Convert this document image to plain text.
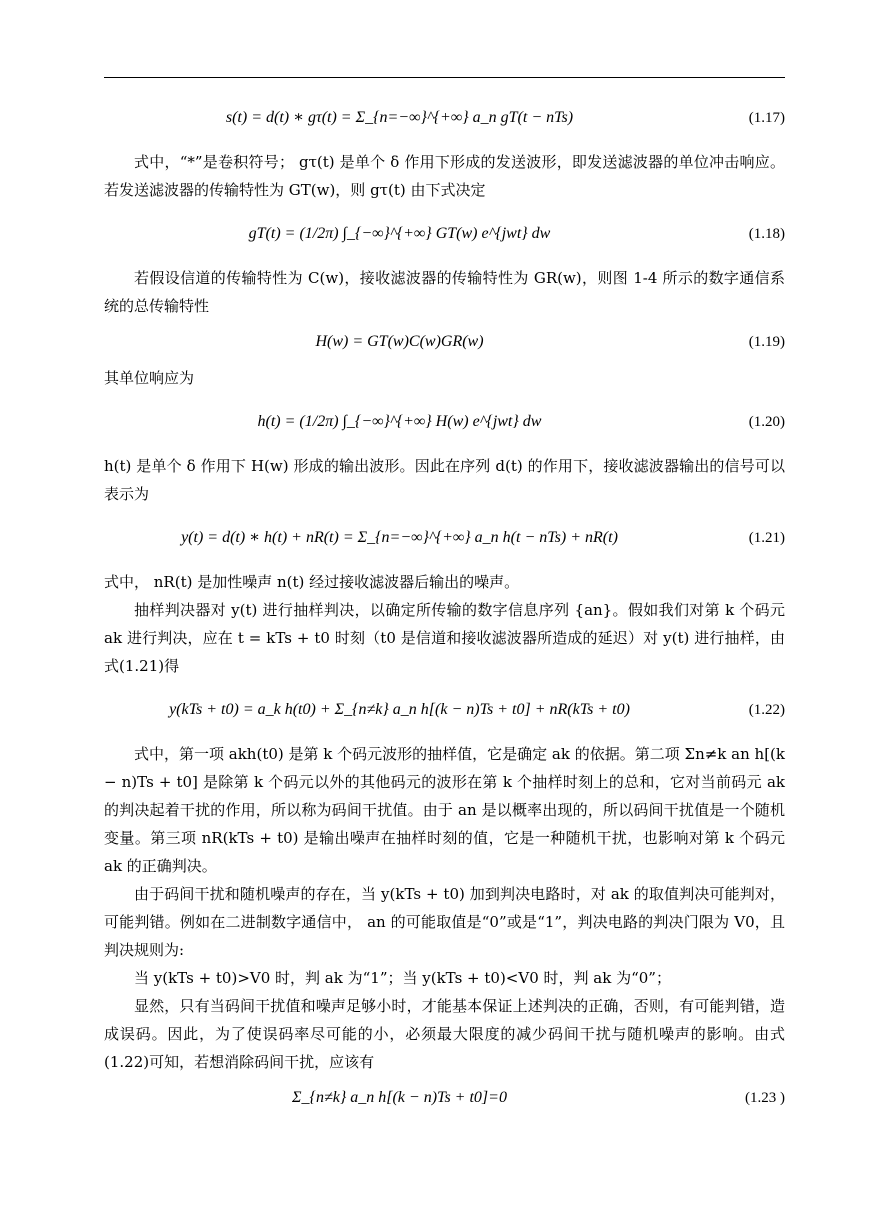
s(t) = d(t) ∗ gτ(t) = Σ_{n=−∞}^{+∞} a_n gT(t − nTs)	(1.17)

式中，“*”是卷积符号； gτ(t) 是单个 δ 作用下形成的发送波形，即发送滤波器的单位冲击响应。若发送滤波器的传输特性为 GT(w)，则 gτ(t) 由下式决定

gT(t) = (1/2π) ∫_{−∞}^{+∞} GT(w) e^{jwt} dw	(1.18)

若假设信道的传输特性为 C(w)，接收滤波器的传输特性为 GR(w)，则图 1-4 所示的数字通信系统的总传输特性

H(w) = GT(w)C(w)GR(w)	(1.19)

其单位响应为

h(t) = (1/2π) ∫_{−∞}^{+∞} H(w) e^{jwt} dw	(1.20)

h(t) 是单个 δ 作用下 H(w) 形成的输出波形。因此在序列 d(t) 的作用下，接收滤波器输出的信号可以表示为

y(t) = d(t) ∗ h(t) + nR(t) = Σ_{n=−∞}^{+∞} a_n h(t − nTs) + nR(t)	(1.21)

式中， nR(t) 是加性噪声 n(t) 经过接收滤波器后输出的噪声。

抽样判决器对 y(t) 进行抽样判决，以确定所传输的数字信息序列 {an}。假如我们对第 k 个码元 ak 进行判决，应在 t = kTs + t0 时刻（t0 是信道和接收滤波器所造成的延迟）对 y(t) 进行抽样，由式(1.21)得

y(kTs + t0) = a_k h(t0) + Σ_{n≠k} a_n h[(k − n)Ts + t0] + nR(kTs + t0)	(1.22)

式中，第一项 akh(t0) 是第 k 个码元波形的抽样值，它是确定 ak 的依据。第二项 Σn≠k an h[(k − n)Ts + t0] 是除第 k 个码元以外的其他码元的波形在第 k 个抽样时刻上的总和，它对当前码元 ak 的判决起着干扰的作用，所以称为码间干扰值。由于 an 是以概率出现的，所以码间干扰值是一个随机变量。第三项 nR(kTs + t0) 是输出噪声在抽样时刻的值，它是一种随机干扰，也影响对第 k 个码元 ak 的正确判决。

由于码间干扰和随机噪声的存在，当 y(kTs + t0) 加到判决电路时，对 ak 的取值判决可能判对，可能判错。例如在二进制数字通信中， an 的可能取值是“0”或是“1”，判决电路的判决门限为 V0，且判决规则为:

当 y(kTs + t0)>V0 时，判 ak 为“1”；当 y(kTs + t0)<V0 时，判 ak 为“0”；

显然，只有当码间干扰值和噪声足够小时，才能基本保证上述判决的正确，否则，有可能判错，造成误码。因此，为了使误码率尽可能的小，必须最大限度的减少码间干扰与随机噪声的影响。由式(1.22)可知，若想消除码间干扰，应该有

Σ_{n≠k} a_n h[(k − n)Ts + t0]=0	(1.23 )
